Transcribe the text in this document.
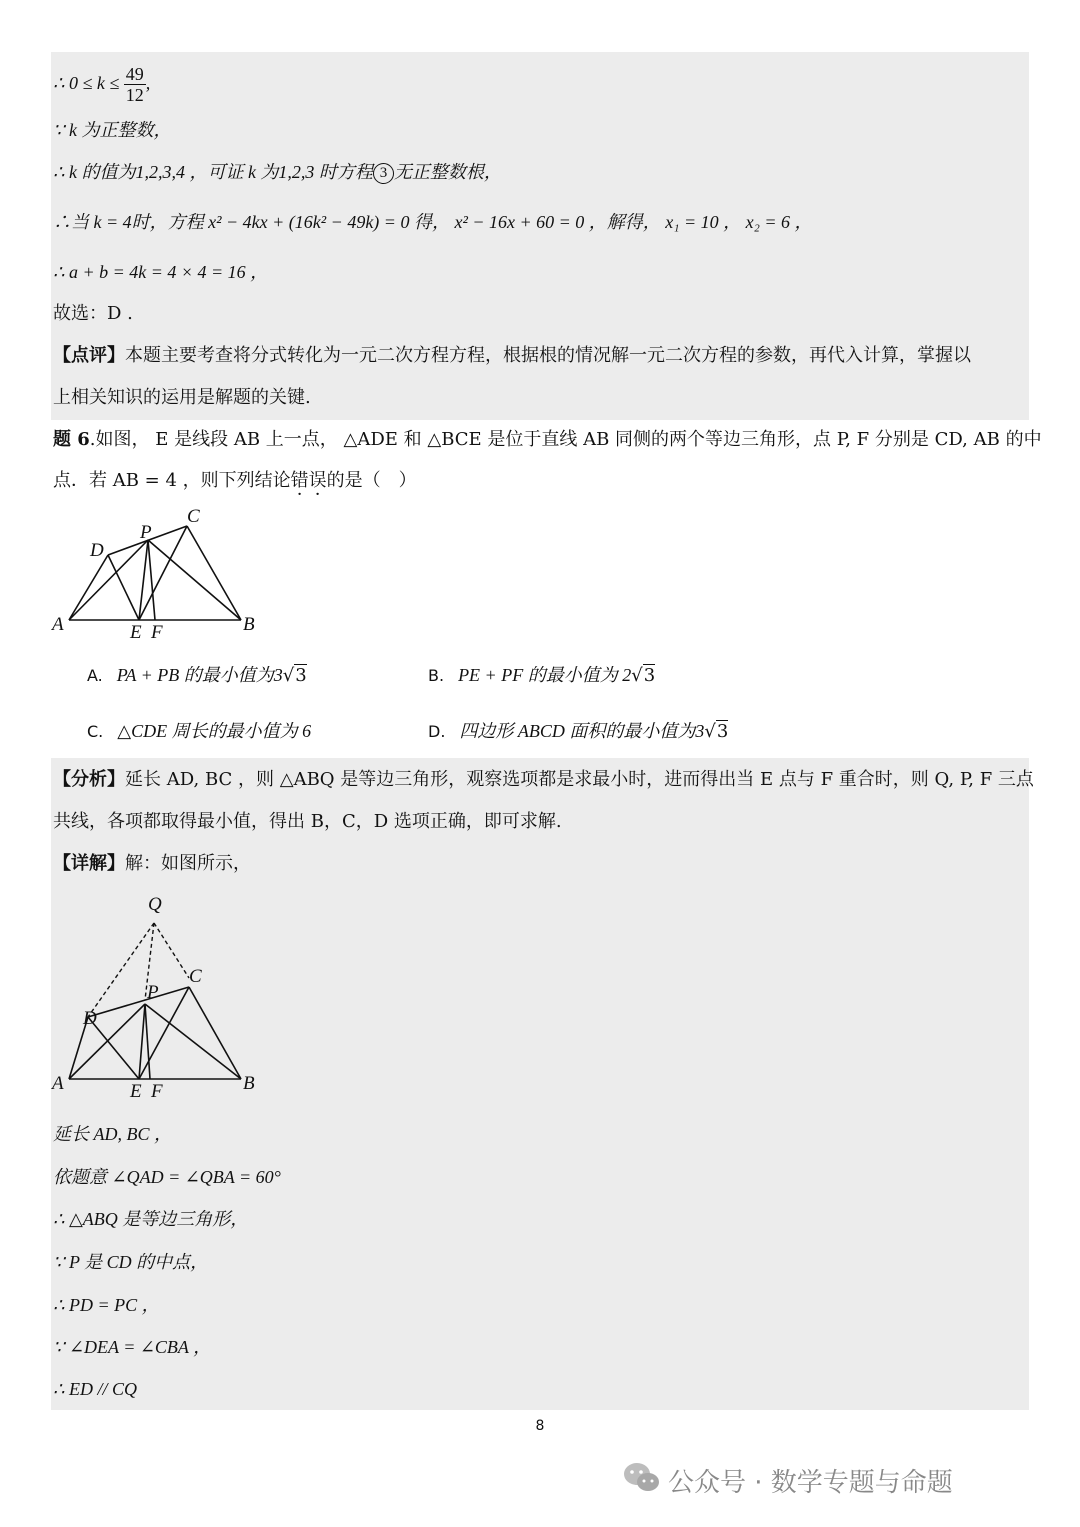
∴ $0 \le k \le \frac{49}{12}$ ,
∵ k 为正整数，
∴ k 的值为1,2,3,4 ，可证 k 为1,2,3 时方程 3 无正整数根，
∴当 k = 4时，方程 x² − 4kx + (16k² − 49k) = 0 得， x² − 16x + 60 = 0 ，解得， x₁ = 10 ， x₂ = 6 ，
∴ a + b = 4k = 4 × 4 = 16 ，
故选：D .
【点评】本题主要考查将分式转化为一元二次方程方程，根据根的情况解一元二次方程的参数，再代入计算，掌握以
上相关知识的运用是解题的关键.
题 6.如图， E 是线段 AB 上一点， △ADE 和 △BCE 是位于直线 AB 同侧的两个等边三角形，点 P, F 分别是 CD, AB 的中
点．若 AB = 4 ，则下列结论错误的是（　）
A	B
C
D
E F
P
A. PA + PB 的最小值为3√3	B. PE + PF 的最小值为 2√3
C. △CDE 周长的最小值为 6	D. 四边形 ABCD 面积的最小值为3√3
【分析】延长 AD, BC ，则 △ABQ 是等边三角形，观察选项都是求最小时，进而得出当 E 点与 F 重合时，则 Q, P, F 三点
共线，各项都取得最小值，得出 B，C，D 选项正确，即可求解.
【详解】解：如图所示，
Q
A	B
C
D
E F
P
延长 AD, BC ，
依题意 ∠QAD = ∠QBA = 60°
∴ △ABQ 是等边三角形，
∵ P 是 CD 的中点，
∴ PD = PC ，
∵ ∠DEA = ∠CBA ，
∴ ED // CQ
8
公众号 · 数学专题与命题
